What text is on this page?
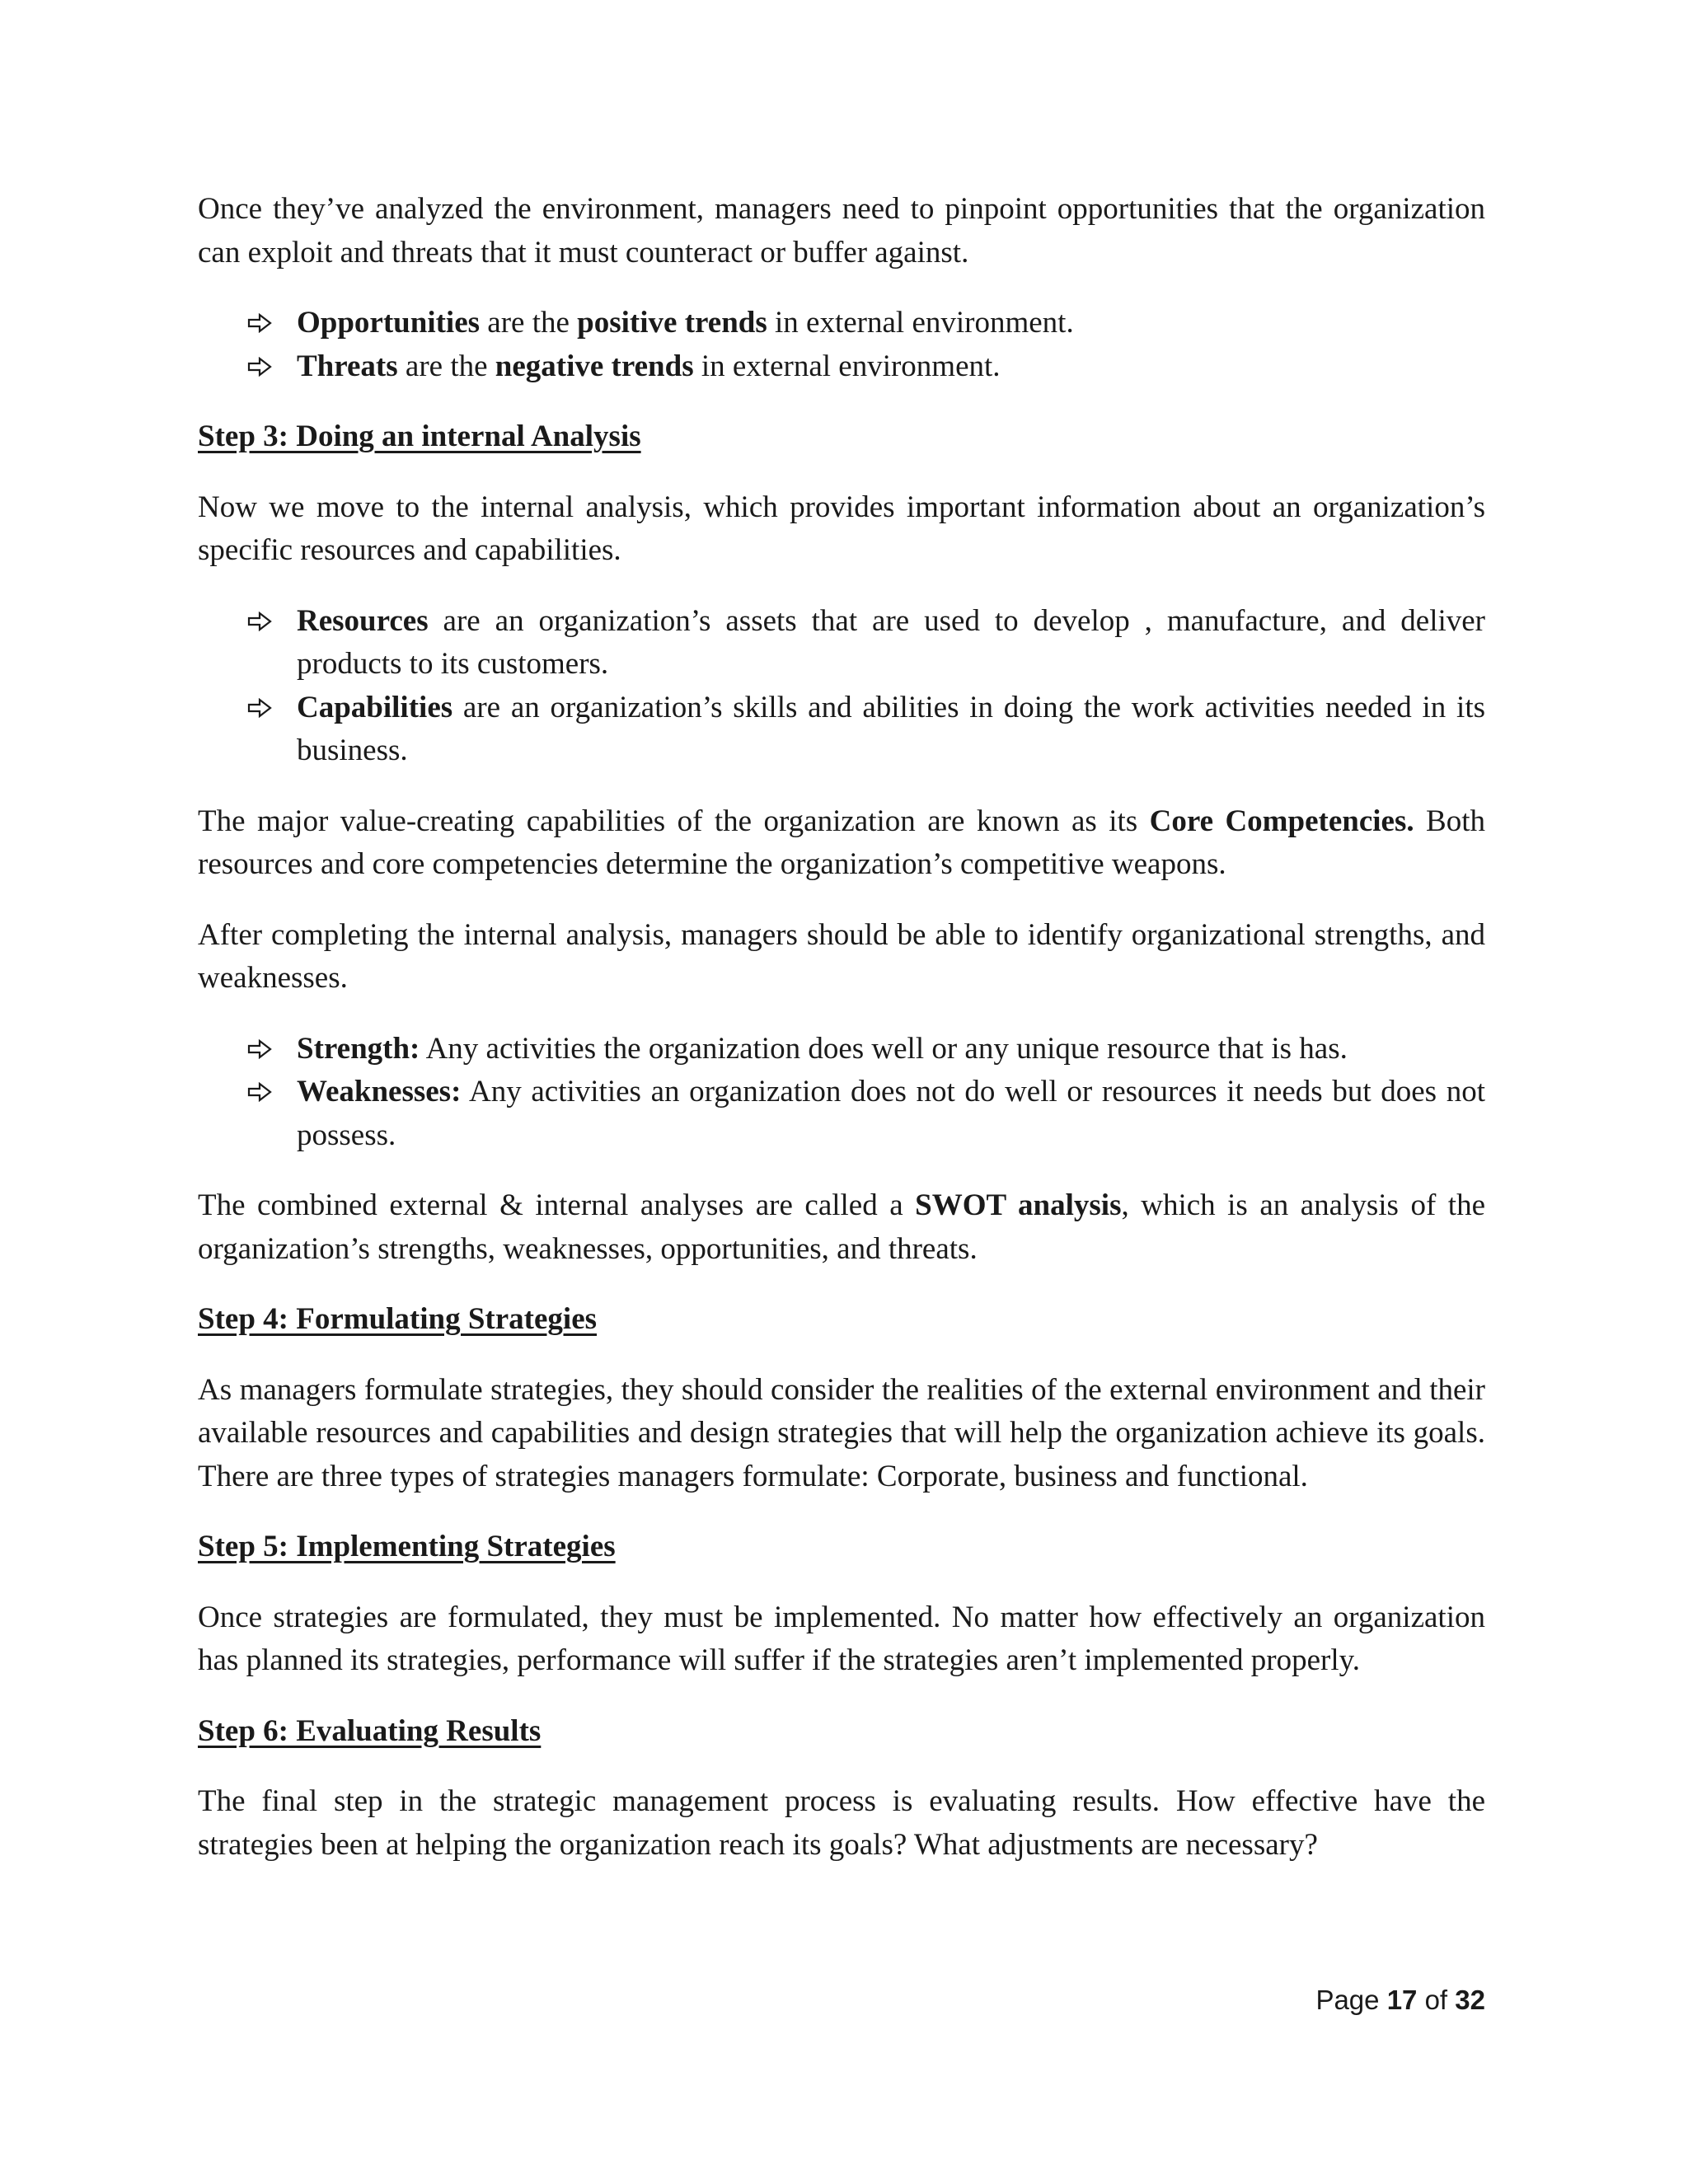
Once they’ve analyzed the environment, managers need to pinpoint opportunities that the organization can exploit and threats that it must counteract or buffer against.

Opportunities are the positive trends in external environment.
Threats are the negative trends in external environment.

Step 3: Doing an internal Analysis

Now we move to the internal analysis, which provides important information about an organization’s specific resources and capabilities.

Resources are an organization’s assets that are used to develop , manufacture, and deliver products to its customers.
Capabilities are an organization’s skills and abilities in doing the work activities needed in its business.

The major value-creating capabilities of the organization are known as its Core Competencies. Both resources and core competencies determine the organization’s competitive weapons.

After completing the internal analysis, managers should be able to identify organizational strengths, and weaknesses.

Strength: Any activities the organization does well or any unique resource that is has.
Weaknesses: Any activities an organization does not do well or resources it needs but does not possess.

The combined external & internal analyses are called a SWOT analysis, which is an analysis of the organization’s strengths, weaknesses, opportunities, and threats.

Step 4: Formulating Strategies

As managers formulate strategies, they should consider the realities of the external environment and their available resources and capabilities and design strategies that will help the organization achieve its goals. There are three types of strategies managers formulate: Corporate, business and functional.

Step 5: Implementing Strategies

Once strategies are formulated, they must be implemented. No matter how effectively an organization has planned its strategies, performance will suffer if the strategies aren’t implemented properly.

Step 6: Evaluating Results

The final step in the strategic management process is evaluating results. How effective have the strategies been at helping the organization reach its goals? What adjustments are necessary?

Page 17 of 32
